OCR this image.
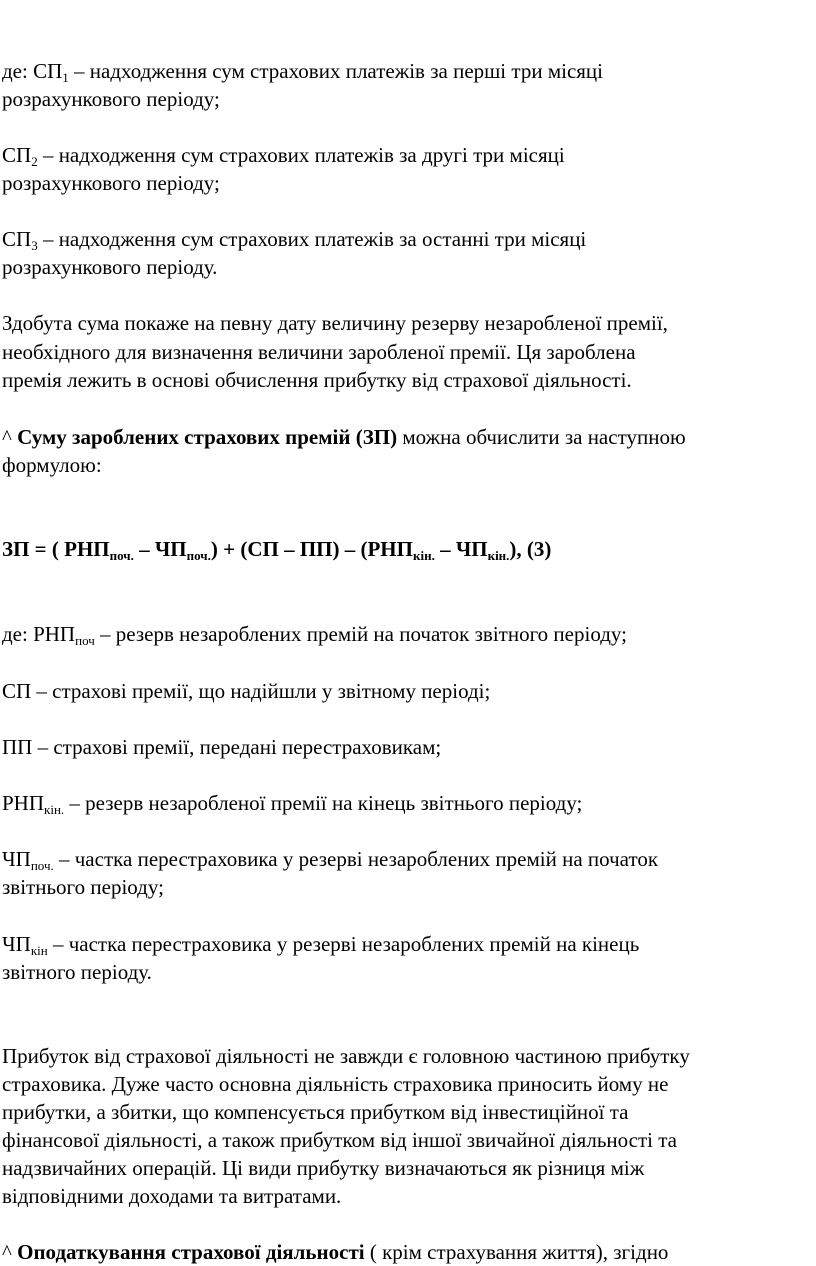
де: $СП_1$ – надходження сум страхових платежів за перші три місяці
розрахункового періоду;
$СП_2$ – надходження сум страхових платежів за другі три місяці
розрахункового періоду;
$СП_3$ – надходження сум страхових платежів за останні три місяці
розрахункового періоду.
Здобута сума покаже на певну дату величину резерву незаробленої премії,
необхідного для визначення величини заробленої премії. Ця зароблена
премія лежить в основі обчислення прибутку від страхової діяльності.
^ Суму зароблених страхових премій (ЗП) можна обчислити за наступною
формулою:
ЗП = ( $РНП_{поч.} - ЧП_{поч.}) + (СП - ПП) - (РНП_{кін.} - ЧП_{кін.})$, (3)
де: $РНП_{поч}$ – резерв незароблених премій на початок звітного періоду;
СП – страхові премії, що надійшли у звітному періоді;
ПП – страхові премії, передані перестраховикам;
$РНП_{кін.}$ – резерв незаробленої премії на кінець звітнього періоду;
$ЧП_{поч.}$ – частка перестраховика у резерві незароблених премій на початок
звітнього періоду;
$ЧП_{кін}$ – частка перестраховика у резерві незароблених премій на кінець
звітного періоду.
Прибуток від страхової діяльності не завжди є головною частиною прибутку
страховика. Дуже часто основна діяльність страховика приносить йому не
прибутки, а збитки, що компенсується прибутком від інвестиційної та
фінансової діяльності, а також прибутком від іншої звичайної діяльності та
надзвичайних операцій. Ці види прибутку визначаються як різниця між
відповідними доходами та витратами.
^ Оподаткування страхової діяльності ( крім страхування життя), згідно
